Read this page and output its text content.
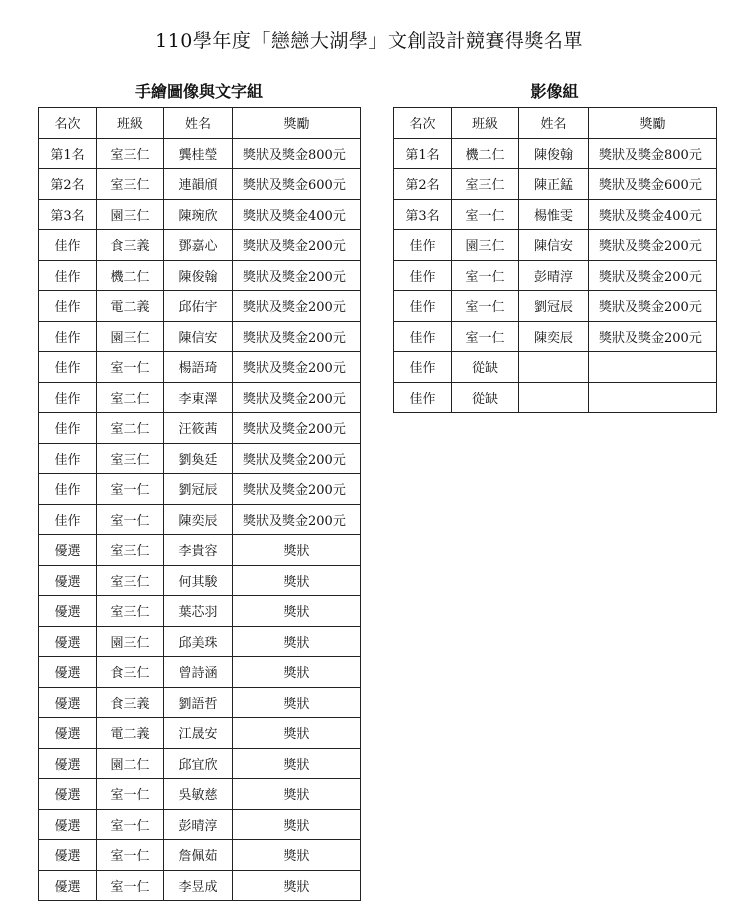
110學年度「戀戀大湖學」文創設計競賽得獎名單
手繪圖像與文字組	影像組
名次	班級	姓名	獎勵
第1名	室三仁	龔桂瑩	獎狀及獎金800元
第2名	室三仁	連韻頎	獎狀及獎金600元
第3名	園三仁	陳琬欣	獎狀及獎金400元
佳作	食三義	鄧嘉心	獎狀及獎金200元
佳作	機二仁	陳俊翰	獎狀及獎金200元
佳作	電二義	邱佑宇	獎狀及獎金200元
佳作	園三仁	陳信安	獎狀及獎金200元
佳作	室一仁	楊語琦	獎狀及獎金200元
佳作	室二仁	李東澤	獎狀及獎金200元
佳作	室二仁	汪筱茜	獎狀及獎金200元
佳作	室三仁	劉奐廷	獎狀及獎金200元
佳作	室一仁	劉冠辰	獎狀及獎金200元
佳作	室一仁	陳奕辰	獎狀及獎金200元
優選	室三仁	李貴容	獎狀
優選	室三仁	何其駿	獎狀
優選	室三仁	葉芯羽	獎狀
優選	園三仁	邱美珠	獎狀
優選	食三仁	曾詩涵	獎狀
優選	食三義	劉語哲	獎狀
優選	電二義	江晟安	獎狀
優選	園二仁	邱宜欣	獎狀
優選	室一仁	吳敏慈	獎狀
優選	室一仁	彭晴淳	獎狀
優選	室一仁	詹佩茹	獎狀
優選	室一仁	李昱成	獎狀
名次	班級	姓名	獎勵
第1名	機二仁	陳俊翰	獎狀及獎金800元
第2名	室三仁	陳正錳	獎狀及獎金600元
第3名	室一仁	楊惟雯	獎狀及獎金400元
佳作	園三仁	陳信安	獎狀及獎金200元
佳作	室一仁	彭晴淳	獎狀及獎金200元
佳作	室一仁	劉冠辰	獎狀及獎金200元
佳作	室一仁	陳奕辰	獎狀及獎金200元
佳作	從缺		
佳作	從缺		
